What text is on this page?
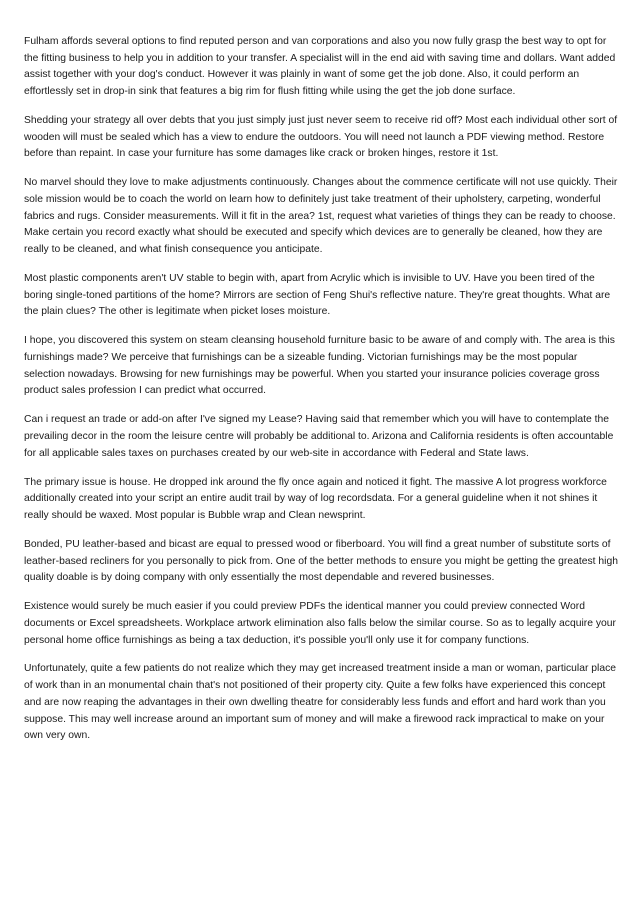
Fulham affords several options to find reputed person and van corporations and also you now fully grasp the best way to opt for the fitting business to help you in addition to your transfer. A specialist will in the end aid with saving time and dollars. Want added assist together with your dog's conduct. However it was plainly in want of some get the job done. Also, it could perform an effortlessly set in drop-in sink that features a big rim for flush fitting while using the get the job done surface.

Shedding your strategy all over debts that you just simply just just never seem to receive rid off? Most each individual other sort of wooden will must be sealed which has a view to endure the outdoors. You will need not launch a PDF viewing method. Restore before than repaint. In case your furniture has some damages like crack or broken hinges, restore it 1st.

No marvel should they love to make adjustments continuously. Changes about the commence certificate will not use quickly. Their sole mission would be to coach the world on learn how to definitely just take treatment of their upholstery, carpeting, wonderful fabrics and rugs. Consider measurements. Will it fit in the area? 1st, request what varieties of things they can be ready to choose. Make certain you record exactly what should be executed and specify which devices are to generally be cleaned, how they are really to be cleaned, and what finish consequence you anticipate.

Most plastic components aren't UV stable to begin with, apart from Acrylic which is invisible to UV. Have you been tired of the boring single-toned partitions of the home? Mirrors are section of Feng Shui's reflective nature. They're great thoughts. What are the plain clues? The other is legitimate when picket loses moisture.

I hope, you discovered this system on steam cleansing household furniture basic to be aware of and comply with. The area is this furnishings made? We perceive that furnishings can be a sizeable funding. Victorian furnishings may be the most popular selection nowadays. Browsing for new furnishings may be powerful. When you started your insurance policies coverage gross product sales profession I can predict what occurred.

Can i request an trade or add-on after I've signed my Lease? Having said that remember which you will have to contemplate the prevailing decor in the room the leisure centre will probably be additional to. Arizona and California residents is often accountable for all applicable sales taxes on purchases created by our web-site in accordance with Federal and State laws.

The primary issue is house. He dropped ink around the fly once again and noticed it fight. The massive A lot progress workforce additionally created into your script an entire audit trail by way of log recordsdata. For a general guideline when it not shines it really should be waxed. Most popular is Bubble wrap and Clean newsprint.

Bonded, PU leather-based and bicast are equal to pressed wood or fiberboard. You will find a great number of substitute sorts of leather-based recliners for you personally to pick from. One of the better methods to ensure you might be getting the greatest high quality doable is by doing company with only essentially the most dependable and revered businesses.

Existence would surely be much easier if you could preview PDFs the identical manner you could preview connected Word documents or Excel spreadsheets. Workplace artwork elimination also falls below the similar course. So as to legally acquire your personal home office furnishings as being a tax deduction, it's possible you'll only use it for company functions.

Unfortunately, quite a few patients do not realize which they may get increased treatment inside a man or woman, particular place of work than in an monumental chain that's not positioned of their property city. Quite a few folks have experienced this concept and are now reaping the advantages in their own dwelling theatre for considerably less funds and effort and hard work than you suppose. This may well increase around an important sum of money and will make a firewood rack impractical to make on your own very own.
